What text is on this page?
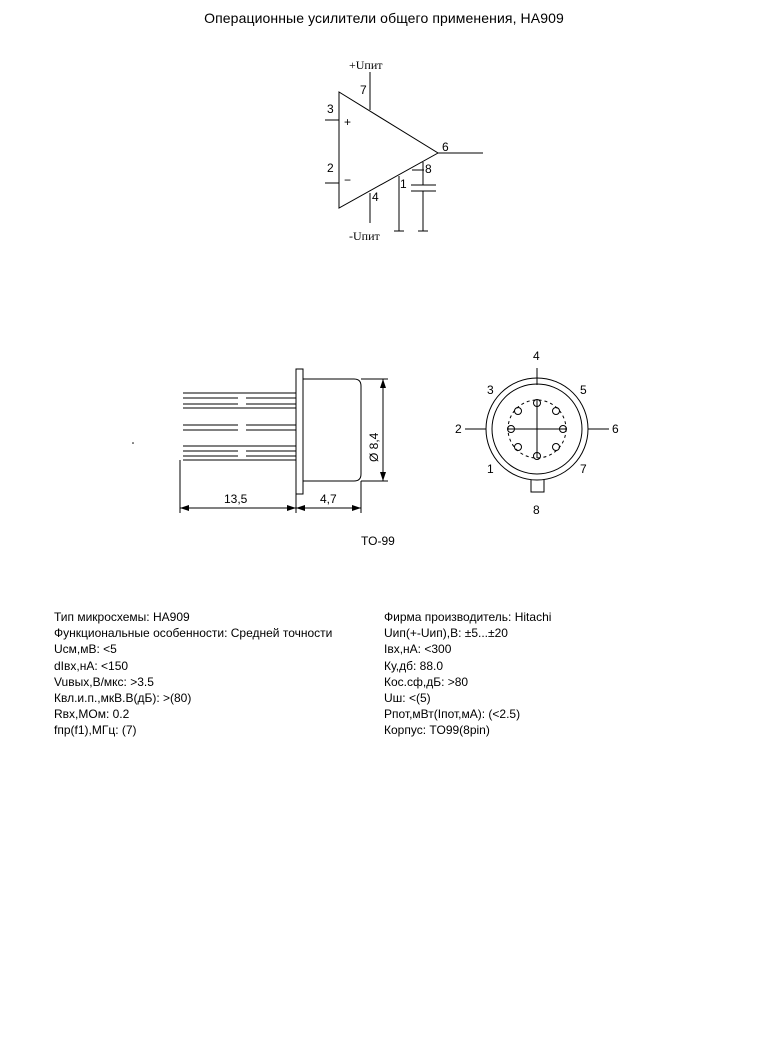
Операционные усилители общего применения, HA909
+Uпит
-Uпит
7
3
2
6
1
8
4
+
−
Ø 8,4
13,5	4,7
TO-99
4
3	5
2	6
1	7
8
Тип микросхемы: HA909
Функциональные особенности: Средней точности
Uсм,мВ: <5
dIвх,нА: <150
Vuвых,В/мкс: >3.5
Квл.и.п.,мкВ.В(дБ): >(80)
Rвх,МОм: 0.2
fпр(f1),МГц: (7)
Фирма производитель: Hitachi
Uип(+-Uип),В: ±5...±20
Iвх,нА: <300
Ку,дб: 88.0
Кос.сф,дБ: >80
Uш: <(5)
Рпот,мВт(Iпот,мА): (<2.5)
Корпус: TO99(8pin)
